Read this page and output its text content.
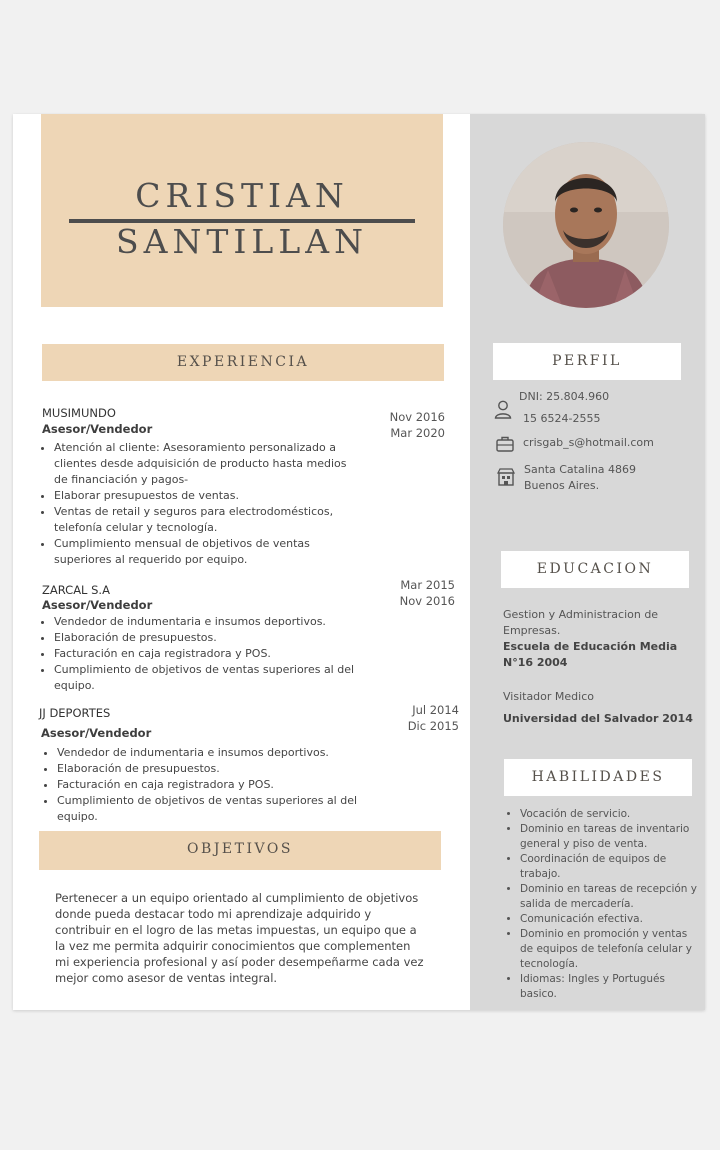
CRISTIAN
SANTILLAN
EXPERIENCIA
MUSIMUNDO
Asesor/Vendedor
Nov 2016
Mar 2020
• Atención al cliente: Asesoramiento personalizado a clientes desde adquisición de producto hasta medios de financiación y pagos-
• Elaborar presupuestos de ventas.
• Ventas de retail y seguros para electrodomésticos, telefonía celular y tecnología.
• Cumplimiento mensual de objetivos de ventas superiores al requerido por equipo.
ZARCAL S.A
Asesor/Vendedor
Mar 2015
Nov 2016
• Vendedor de indumentaria e insumos deportivos.
• Elaboración de presupuestos.
• Facturación en caja registradora y POS.
• Cumplimiento de objetivos de ventas superiores al del equipo.
JJ DEPORTES
Asesor/Vendedor
Jul 2014
Dic 2015
• Vendedor de indumentaria e insumos deportivos.
• Elaboración de presupuestos.
• Facturación en caja registradora y POS.
• Cumplimiento de objetivos de ventas superiores al del equipo.
OBJETIVOS
Pertenecer a un equipo orientado al cumplimiento de objetivos donde pueda destacar todo mi aprendizaje adquirido y contribuir en el logro de las metas impuestas, un equipo que a la vez me permita adquirir conocimientos que complementen mi experiencia profesional y así poder desempeñarme cada vez mejor como asesor de ventas integral.
PERFIL
DNI: 25.804.960
15 6524-2555
crisgab_s@hotmail.com
Santa Catalina 4869
Buenos Aires.
EDUCACION
Gestion y Administracion de Empresas.
Escuela de Educación Media N°16 2004
Visitador Medico
Universidad del Salvador 2014
HABILIDADES
• Vocación de servicio.
• Dominio en tareas de inventario general y piso de venta.
• Coordinación de equipos de trabajo.
• Dominio en tareas de recepción y salida de mercadería.
• Comunicación efectiva.
• Dominio en promoción y ventas de equipos de telefonía celular y tecnología.
• Idiomas: Ingles y Portugués basico.
